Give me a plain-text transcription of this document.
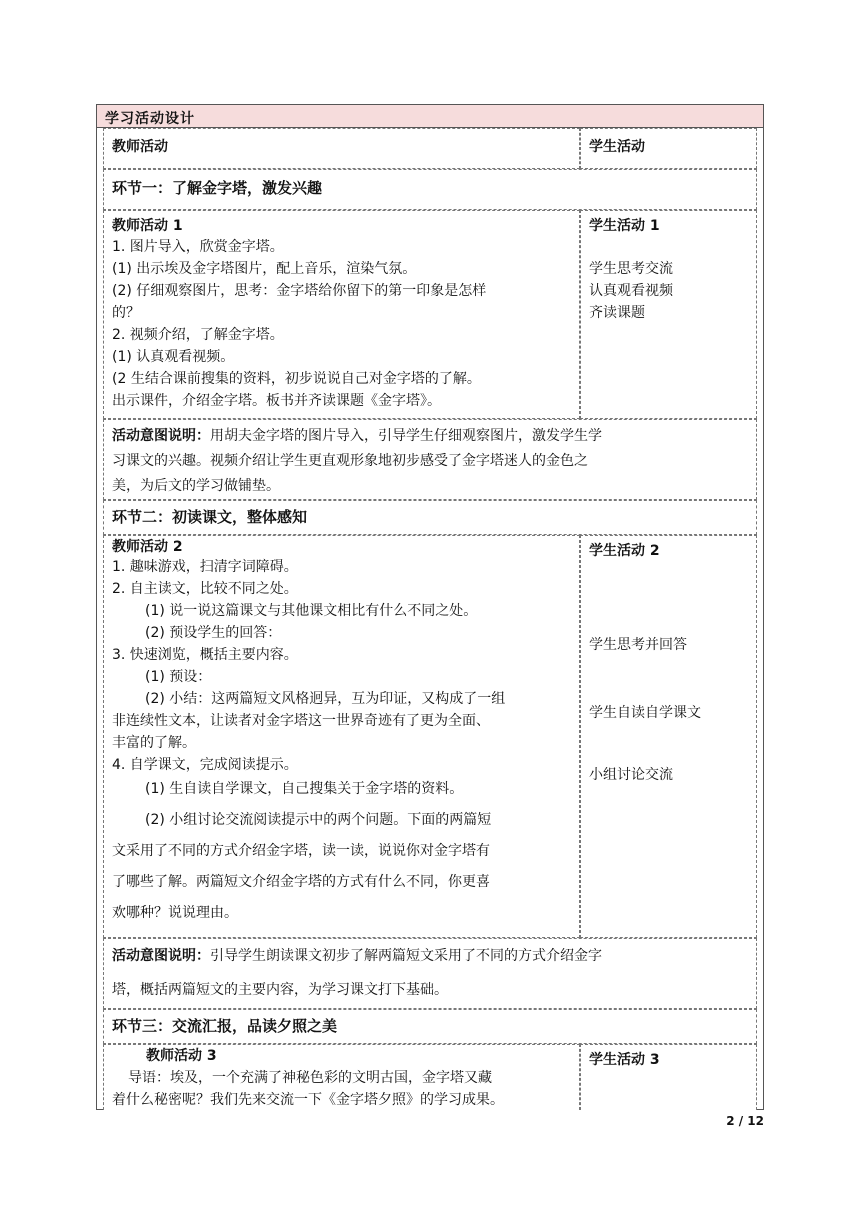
学习活动设计
教师活动	学生活动
环节一：了解金字塔，激发兴趣
教师活动 1
1. 图片导入，欣赏金字塔。
(1) 出示埃及金字塔图片，配上音乐，渲染气氛。
(2) 仔细观察图片，思考：金字塔给你留下的第一印象是怎样
的？
2. 视频介绍，了解金字塔。
(1) 认真观看视频。
(2 生结合课前搜集的资料，初步说说自己对金字塔的了解。
出示课件，介绍金字塔。板书并齐读课题《金字塔》。
学生活动 1
学生思考交流
认真观看视频
齐读课题
活动意图说明：用胡夫金字塔的图片导入，引导学生仔细观察图片，激发学生学
习课文的兴趣。视频介绍让学生更直观形象地初步感受了金字塔迷人的金色之
美，为后文的学习做铺垫。
环节二：初读课文，整体感知
教师活动 2
1. 趣味游戏，扫清字词障碍。
2. 自主读文，比较不同之处。
(1) 说一说这篇课文与其他课文相比有什么不同之处。
(2) 预设学生的回答：
3. 快速浏览，概括主要内容。
(1) 预设：
(2) 小结：这两篇短文风格迥异，互为印证，又构成了一组
非连续性文本，让读者对金字塔这一世界奇迹有了更为全面、
丰富的了解。
4. 自学课文，完成阅读提示。
(1) 生自读自学课文，自己搜集关于金字塔的资料。
(2) 小组讨论交流阅读提示中的两个问题。下面的两篇短
文采用了不同的方式介绍金字塔，读一读，说说你对金字塔有
了哪些了解。两篇短文介绍金字塔的方式有什么不同，你更喜
欢哪种？说说理由。
学生活动 2
学生思考并回答
学生自读自学课文
小组讨论交流
活动意图说明：引导学生朗读课文初步了解两篇短文采用了不同的方式介绍金字
塔，概括两篇短文的主要内容，为学习课文打下基础。
环节三：交流汇报，品读夕照之美
教师活动 3
导语：埃及，一个充满了神秘色彩的文明古国，金字塔又藏
着什么秘密呢？我们先来交流一下《金字塔夕照》的学习成果。
学生活动 3
2 / 12
